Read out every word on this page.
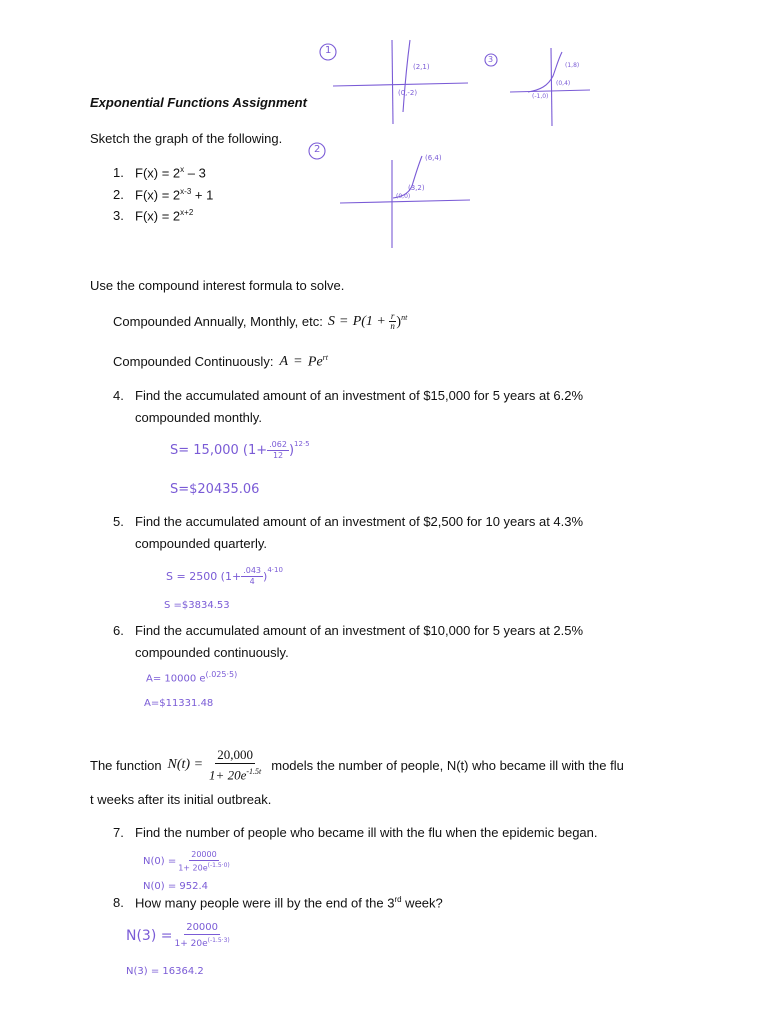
1
(2,1)
(0,-2)
2
(6,4)
(3,2)
(0,0)
3
(1,8)
(0,4)
(-1,0)
Exponential Functions Assignment
Sketch the graph of the following.
1. $F(x) = 2^x - 3$
2. $F(x) = 2^{x-3} + 1$
3. $F(x) = 2^{x+2}$
Use the compound interest formula to solve.
Compounded Annually, Monthly, etc: $S = P(1 + \frac{r}{n} )^{nt}$
Compounded Continuously: $A = Pe^{rt}$
4. Find the accumulated amount of an investment of $15,000 for 5 years at 6.2%
compounded monthly.
S= 15,000 $(1+ \frac{.062}{12} )^{12\cdot 5}$
S=$20435.06
5. Find the accumulated amount of an investment of $2,500 for 10 years at 4.3%
compounded quarterly.
S = 2500 $(1+ \frac{.043}{4} )^{4\cdot 10}$
S =$3834.53
6. Find the accumulated amount of an investment of $10,000 for 5 years at 2.5%
compounded continuously.
A= 10000 $e^{(.025\cdot 5)}$
A=$11331.48
The function $N(t) = \frac{20,000}{1+ 20e^{-1.5t}}$ models the number of people, N(t) who became ill with the flu
t weeks after its initial outbreak.
7. Find the number of people who became ill with the flu when the epidemic began.
$N(0) = \frac{20000}{1+ 20e^{(-1.5\cdot 0)}}$
N(0) = 952.4
8. How many people were ill by the end of the 3rd week?
$N(3) = \frac{20000}{1+ 20e^{(-1.5\cdot 3)}}$
N(3) = 16364.2
